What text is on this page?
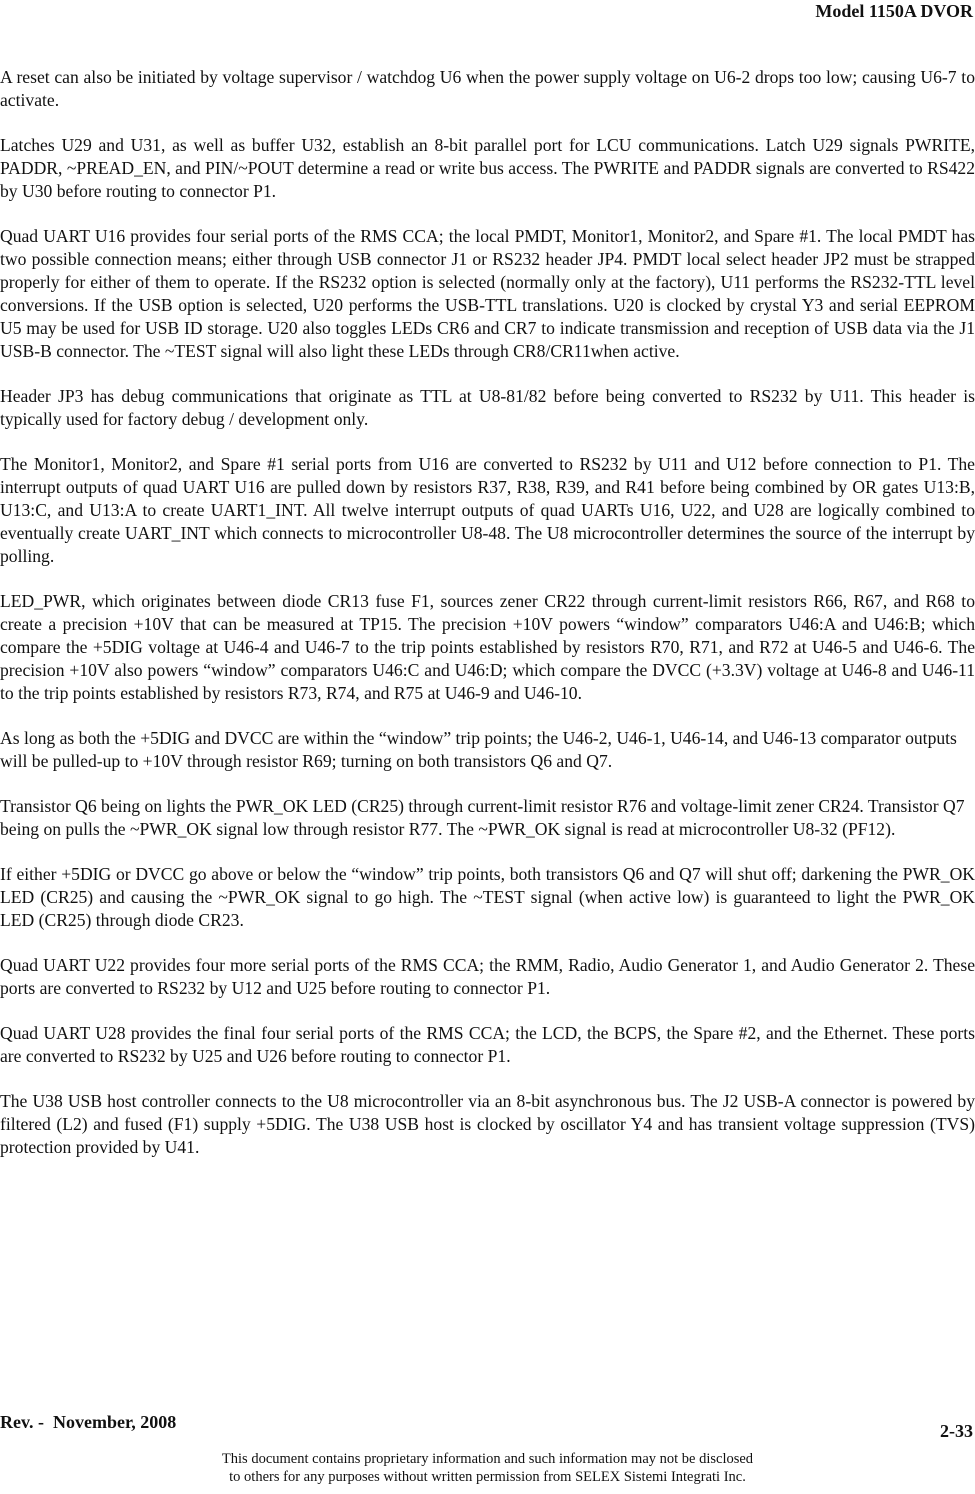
Model 1150A DVOR

A reset can also be initiated by voltage supervisor / watchdog U6 when the power supply voltage on U6-2 drops too low; causing U6-7 to activate.

Latches U29 and U31, as well as buffer U32, establish an 8-bit parallel port for LCU communications. Latch U29 signals PWRITE, PADDR, ~PREAD_EN, and PIN/~POUT determine a read or write bus access. The PWRITE and PADDR signals are converted to RS422 by U30 before routing to connector P1.

Quad UART U16 provides four serial ports of the RMS CCA; the local PMDT, Monitor1, Monitor2, and Spare #1. The local PMDT has two possible connection means; either through USB connector J1 or RS232 header JP4. PMDT local select header JP2 must be strapped properly for either of them to operate. If the RS232 option is selected (normally only at the factory), U11 performs the RS232-TTL level conversions. If the USB option is selected, U20 performs the USB-TTL translations. U20 is clocked by crystal Y3 and serial EEPROM U5 may be used for USB ID storage. U20 also toggles LEDs CR6 and CR7 to indicate transmission and reception of USB data via the J1 USB-B connector. The ~TEST signal will also light these LEDs through CR8/CR11when active.

Header JP3 has debug communications that originate as TTL at U8-81/82 before being converted to RS232 by U11. This header is typically used for factory debug / development only.

The Monitor1, Monitor2, and Spare #1 serial ports from U16 are converted to RS232 by U11 and U12 before connection to P1. The interrupt outputs of quad UART U16 are pulled down by resistors R37, R38, R39, and R41 before being combined by OR gates U13:B, U13:C, and U13:A to create UART1_INT. All twelve interrupt outputs of quad UARTs U16, U22, and U28 are logically combined to eventually create UART_INT which connects to microcontroller U8-48. The U8 microcontroller determines the source of the interrupt by polling.

LED_PWR, which originates between diode CR13 fuse F1, sources zener CR22 through current-limit resistors R66, R67, and R68 to create a precision +10V that can be measured at TP15. The precision +10V powers “window” comparators U46:A and U46:B; which compare the +5DIG voltage at U46-4 and U46-7 to the trip points established by resistors R70, R71, and R72 at U46-5 and U46-6. The precision +10V also powers “window” comparators U46:C and U46:D; which compare the DVCC (+3.3V) voltage at U46-8 and U46-11 to the trip points established by resistors R73, R74, and R75 at U46-9 and U46-10.

As long as both the +5DIG and DVCC are within the “window” trip points; the U46-2, U46-1, U46-14, and U46-13 comparator outputs will be pulled-up to +10V through resistor R69; turning on both transistors Q6 and Q7.

Transistor Q6 being on lights the PWR_OK LED (CR25) through current-limit resistor R76 and voltage-limit zener CR24. Transistor Q7 being on pulls the ~PWR_OK signal low through resistor R77. The ~PWR_OK signal is read at microcontroller U8-32 (PF12).

If either +5DIG or DVCC go above or below the “window” trip points, both transistors Q6 and Q7 will shut off; darkening the PWR_OK LED (CR25) and causing the ~PWR_OK signal to go high. The ~TEST signal (when active low) is guaranteed to light the PWR_OK LED (CR25) through diode CR23.

Quad UART U22 provides four more serial ports of the RMS CCA; the RMM, Radio, Audio Generator 1, and Audio Generator 2. These ports are converted to RS232 by U12 and U25 before routing to connector P1.

Quad UART U28 provides the final four serial ports of the RMS CCA; the LCD, the BCPS, the Spare #2, and the Ethernet. These ports are converted to RS232 by U25 and U26 before routing to connector P1.

The U38 USB host controller connects to the U8 microcontroller via an 8-bit asynchronous bus. The J2 USB-A connector is powered by filtered (L2) and fused (F1) supply +5DIG. The U38 USB host is clocked by oscillator Y4 and has transient voltage suppression (TVS) protection provided by U41.

Rev. -  November, 2008	2-33
This document contains proprietary information and such information may not be disclosed
to others for any purposes without written permission from SELEX Sistemi Integrati Inc.
